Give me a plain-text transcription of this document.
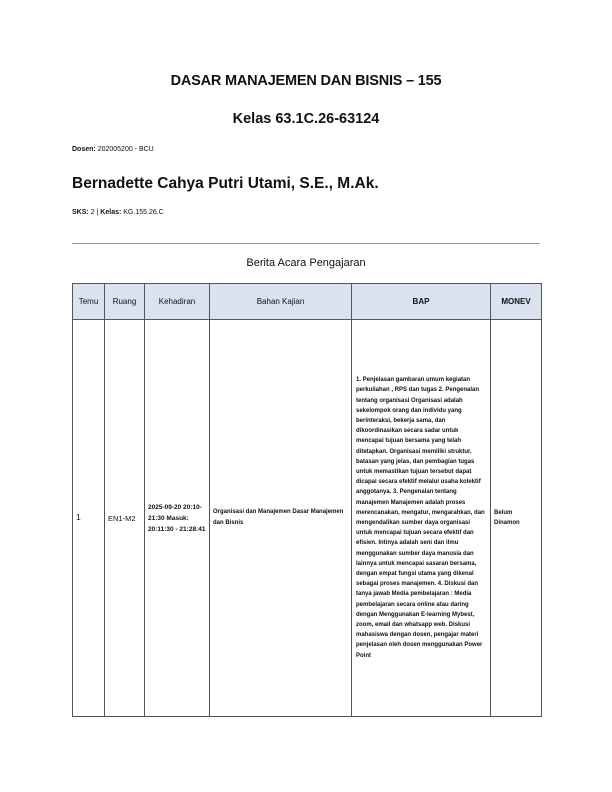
DASAR MANAJEMEN DAN BISNIS – 155
Kelas 63.1C.26-63124
Dosen: 202005200 - BCU
Bernadette Cahya Putri Utami, S.E., M.Ak.
SKS: 2 | Kelas: KG.155.26.C
Berita Acara Pengajaran
Temu	Ruang	Kehadiran	Bahan Kajian	BAP	MONEV
1	EN1-M2	2025-09-20 20:10-21:30 Masuk: 20:11:30 - 21:28:41	Organisasi dan Manajemen Dasar Manajemen dan Bisnis	1. Penjelasan gambaran umum kegiatan perkuliahan , RPS dan tugas 2. Pengenalan tentang organisasi Organisasi adalah sekelompok orang dan individu yang berinteraksi, bekerja sama, dan dikoordinasikan secara sadar untuk mencapai tujuan bersama yang telah ditetapkan. Organisasi memiliki struktur, batasan yang jelas, dan pembagian tugas untuk memastikan tujuan tersebut dapat dicapai secara efektif melalui usaha kolektif anggotanya. 3. Pengenalan tentang manajemen Manajemen adalah proses merencanakan, mengatur, mengarahkan, dan mengendalikan sumber daya organisasi untuk mencapai tujuan secara efektif dan efisien. Intinya adalah seni dan ilmu menggunakan sumber daya manusia dan lainnya untuk mencapai sasaran bersama, dengan empat fungsi utama yang dikenal sebagai proses manajemen. 4. Diskusi dan tanya jawab Media pembelajaran : Media pembelajaran secara online atau daring dengan Menggunakan E-learning Mybest, zoom, email dan whatsapp web. Diskusi mahasiswa dengan dosen, pengajar materi penjelasan oleh dosen menggunakan Power Point	Belum Dinamon
